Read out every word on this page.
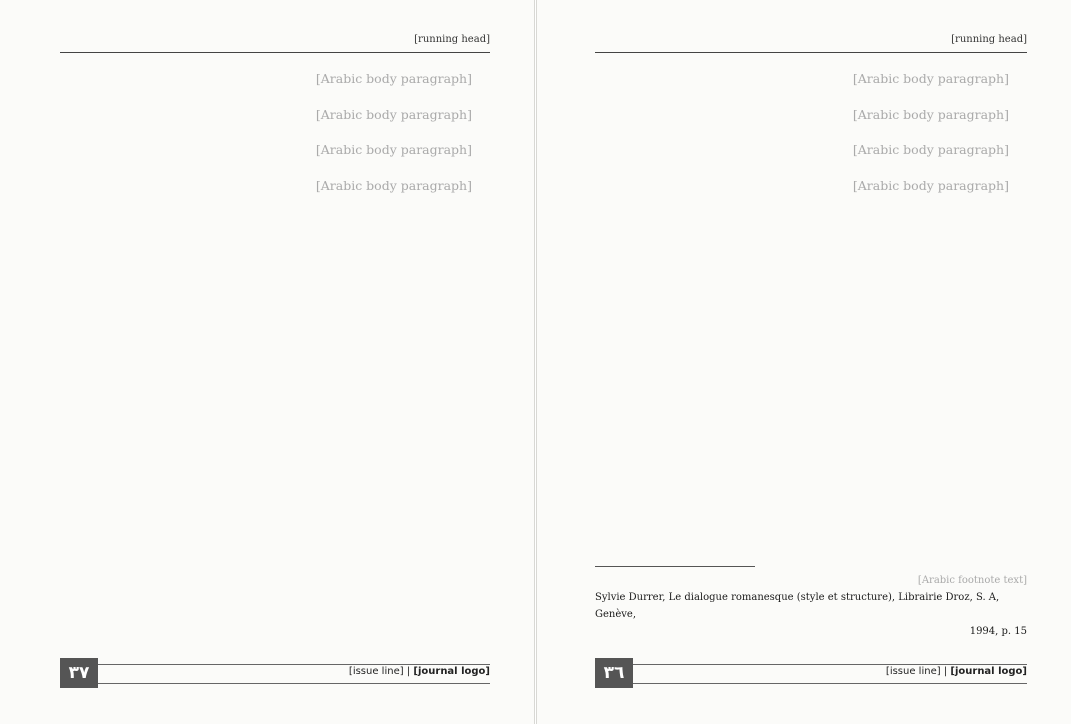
[running head]

[Arabic body paragraph]

[Arabic body paragraph]

[Arabic body paragraph]

[Arabic body paragraph]

٣٧	[journal logo] | [issue line]
[running head]

[Arabic body paragraph]

[Arabic body paragraph]

[Arabic body paragraph]

[Arabic body paragraph]

[Arabic footnote text]

Sylvie Durrer, Le dialogue romanesque (style et structure), Librairie Droz, S. A, Genève,

1994, p. 15

٣٦	[journal logo] | [issue line]
